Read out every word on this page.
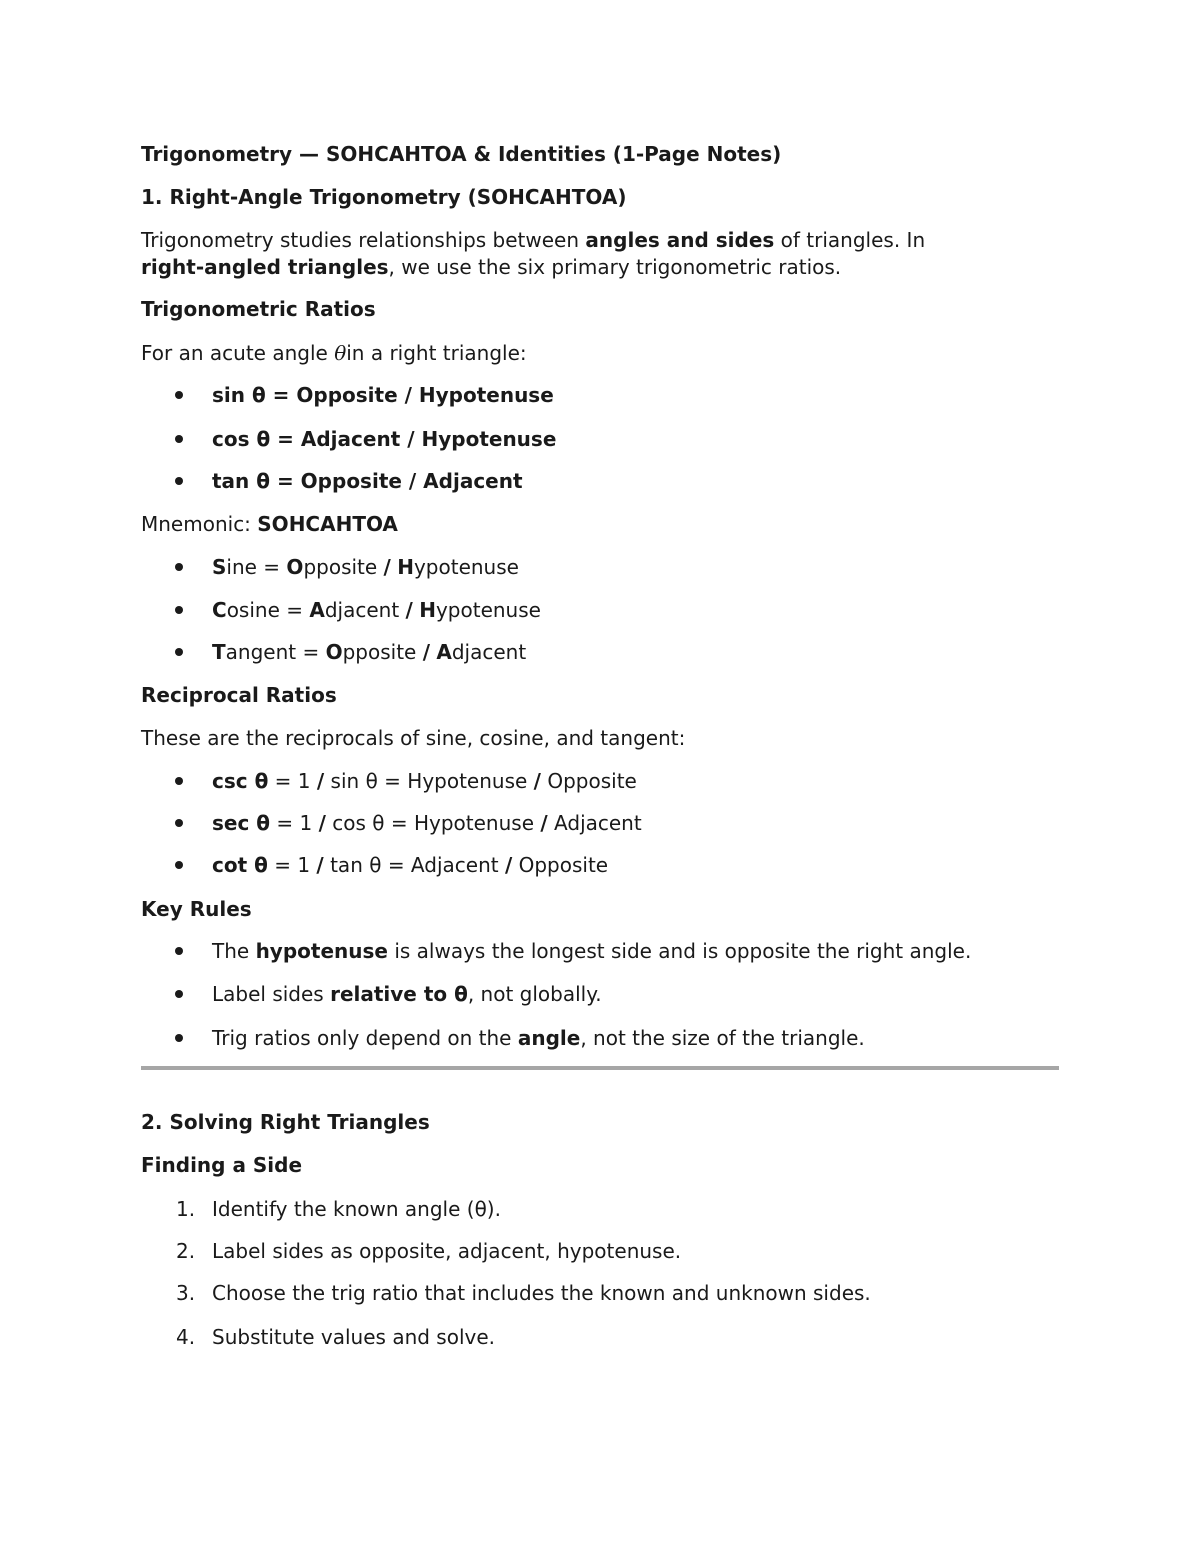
Trigonometry — SOHCAHTOA & Identities (1-Page Notes)
1. Right-Angle Trigonometry (SOHCAHTOA)
Trigonometry studies relationships between angles and sides of triangles. In
right-angled triangles, we use the six primary trigonometric ratios.
Trigonometric Ratios
For an acute angle θin a right triangle:
sin θ = Opposite / Hypotenuse
cos θ = Adjacent / Hypotenuse
tan θ = Opposite / Adjacent
Mnemonic: SOHCAHTOA
Sine = Opposite / Hypotenuse
Cosine = Adjacent / Hypotenuse
Tangent = Opposite / Adjacent
Reciprocal Ratios
These are the reciprocals of sine, cosine, and tangent:
csc θ = 1 / sin θ = Hypotenuse / Opposite
sec θ = 1 / cos θ = Hypotenuse / Adjacent
cot θ = 1 / tan θ = Adjacent / Opposite
Key Rules
The hypotenuse is always the longest side and is opposite the right angle.
Label sides relative to θ, not globally.
Trig ratios only depend on the angle, not the size of the triangle.
2. Solving Right Triangles
Finding a Side
1. Identify the known angle (θ).
2. Label sides as opposite, adjacent, hypotenuse.
3. Choose the trig ratio that includes the known and unknown sides.
4. Substitute values and solve.
